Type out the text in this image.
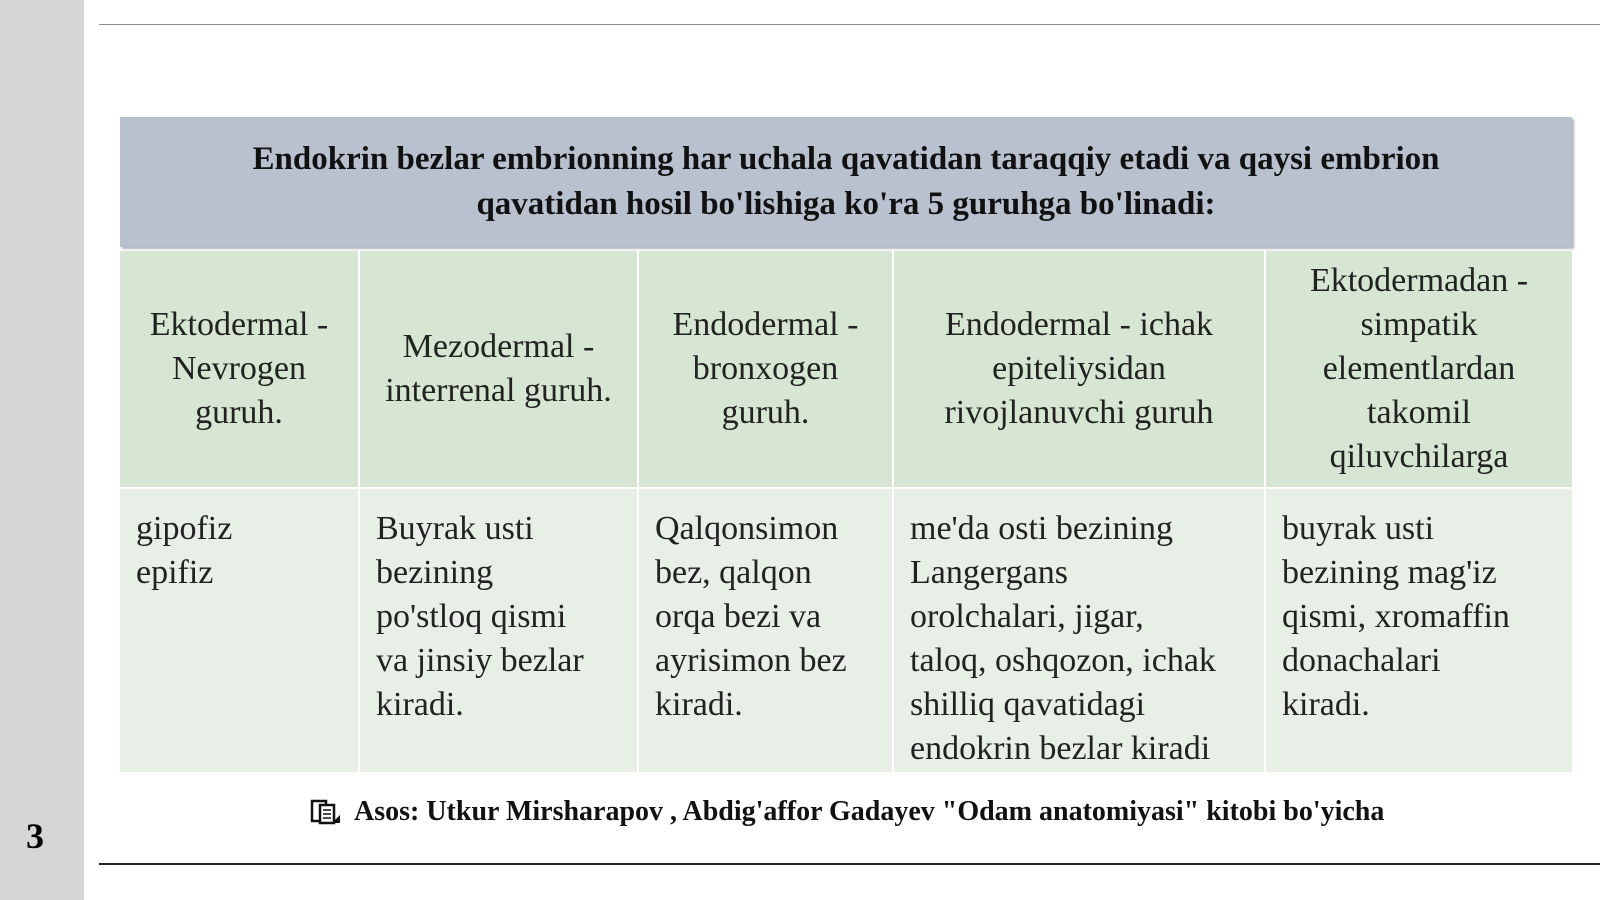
3
Endokrin bezlar embrionning har uchala qavatidan taraqqiy etadi va qaysi embrion
qavatidan hosil bo'lishiga ko'ra 5 guruhga bo'linadi:
Ektodermal -
Nevrogen
guruh.
Mezodermal -
interrenal guruh.
Endodermal -
bronxogen
guruh.
Endodermal - ichak
epiteliysidan
rivojlanuvchi guruh
Ektodermadan -
simpatik
elementlardan
takomil
qiluvchilarga
gipofiz
epifiz
Buyrak usti
bezining
po'stloq qismi
va jinsiy bezlar
kiradi.
Qalqonsimon
bez, qalqon
orqa bezi va
ayrisimon bez
kiradi.
me'da osti bezining
Langergans
orolchalari, jigar,
taloq, oshqozon, ichak
shilliq qavatidagi
endokrin bezlar kiradi
buyrak usti
bezining mag'iz
qismi, xromaffin
donachalari
kiradi.
Asos: Utkur Mirsharapov , Abdig'affor Gadayev "Odam anatomiyasi" kitobi bo'yicha
